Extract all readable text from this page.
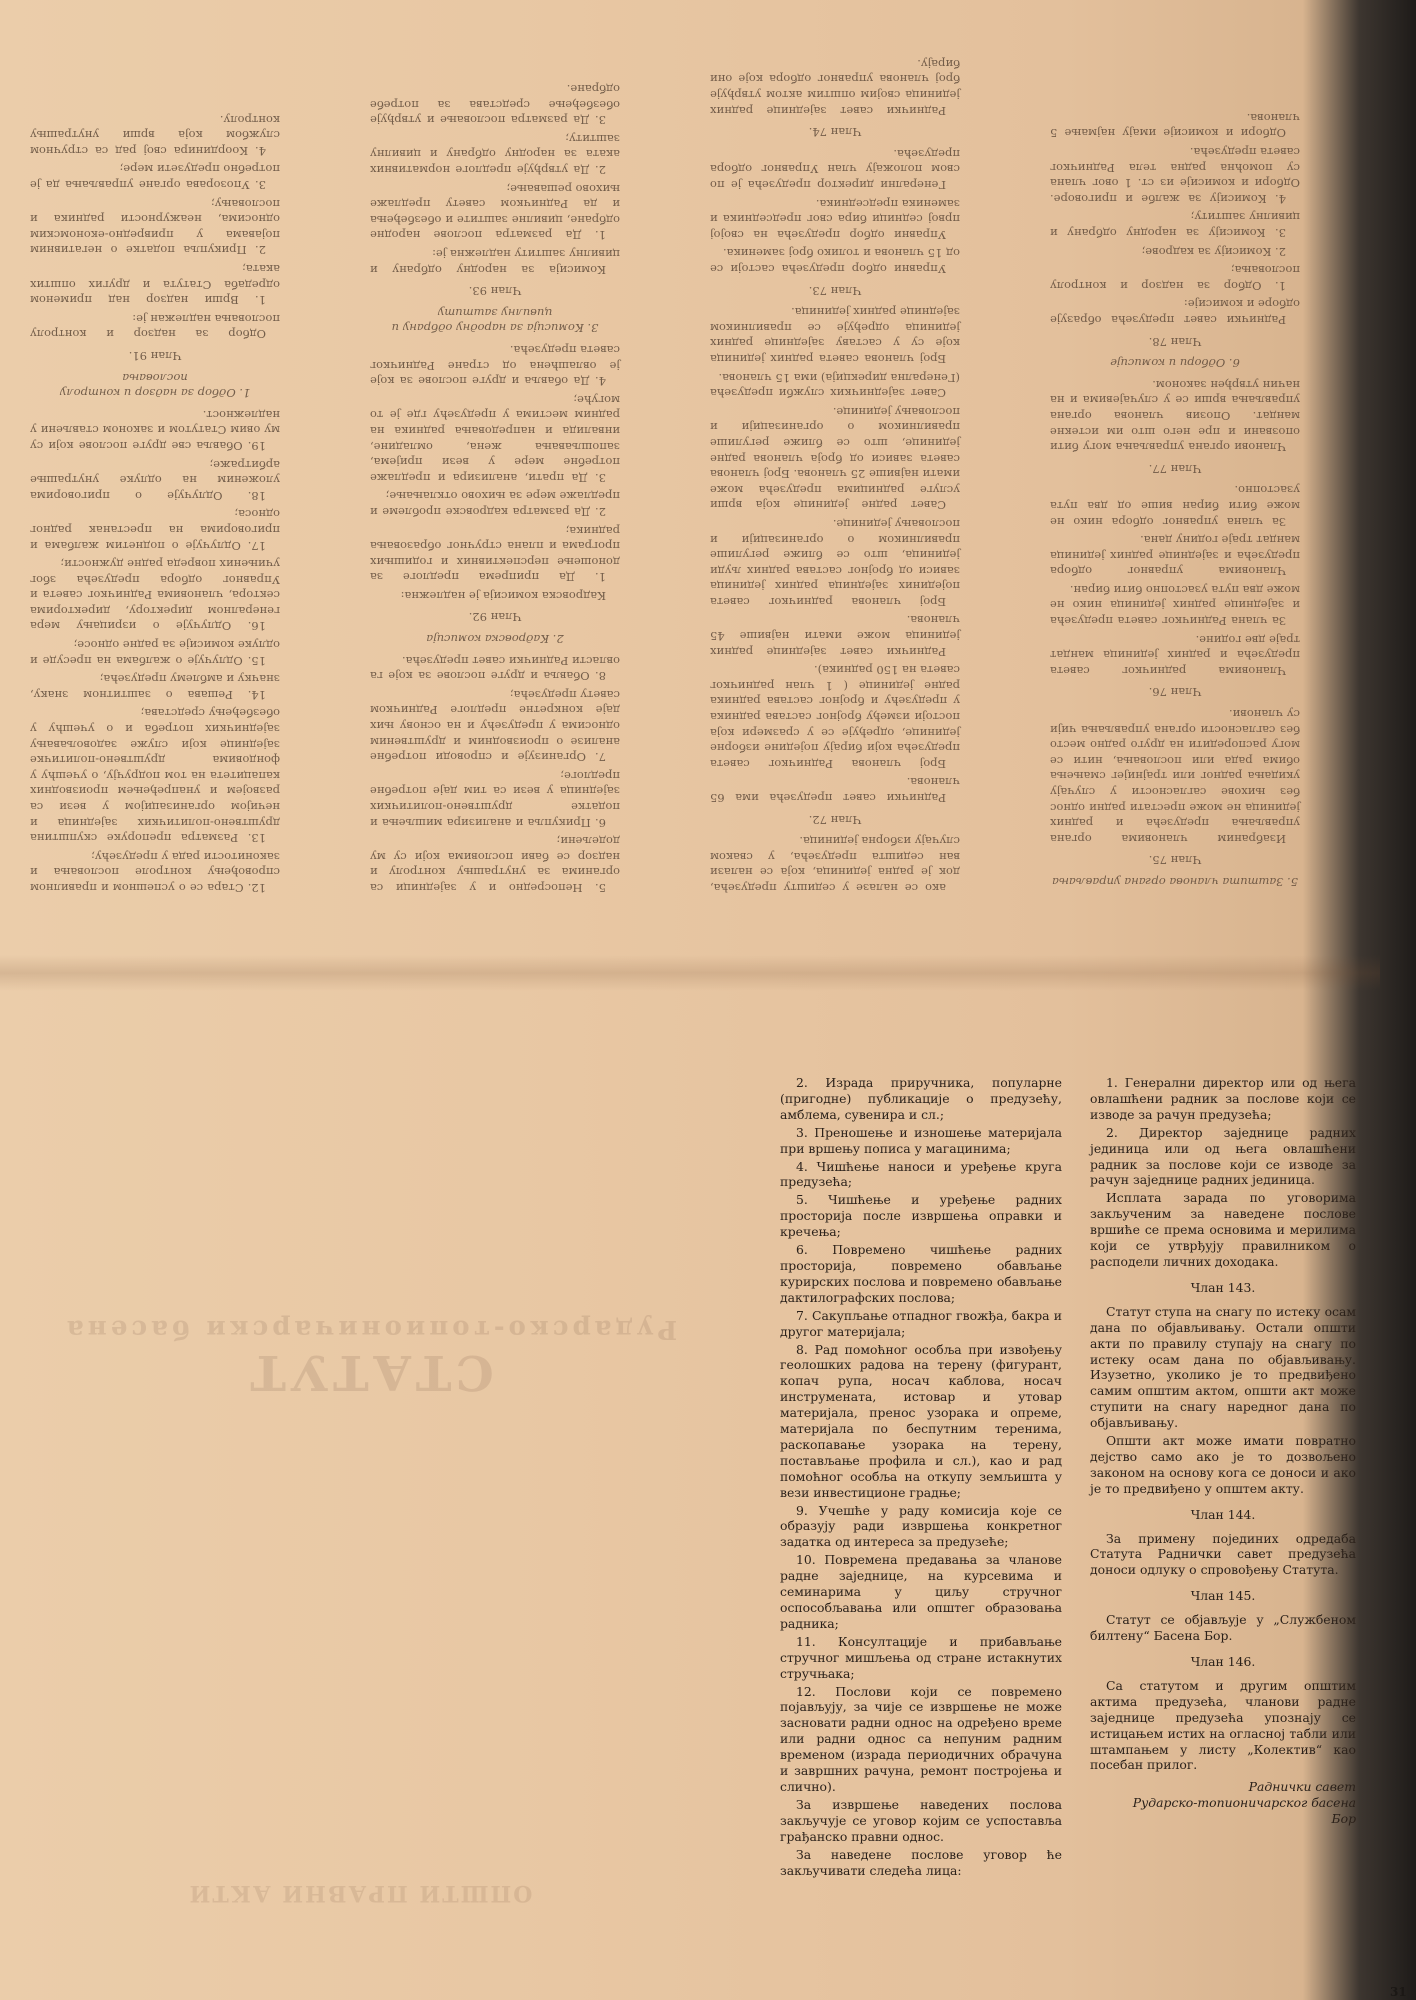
12. Стара се о успешном и правилном спровођењу контроле пословања и законитости рада у предузећу;

13. Разматра препоруке скупштина друштвено-политичких заједница и нечијом организацијом у вези са развојем и унапређењем производних капацитета на том подручју, о учешћу у фондовима друштвено-политичке заједнице који служе задовољавању заједничких потреба и о учешћу у обезбеђењу средстава;

14. Решава о заштитном знаку, значку и амблему предузећа;

15. Одлучује о жалбама на пресуде и одлуке комисије за радне односе;

16. Одлучује о изрицању мера генералном директору, директорима сектора, члановима Радничког савета и Управног одбора предузећа због учињених повреда радне дужности;

17. Одлучује о поднетим жалбама и приговорима на престанак радног односа;

18. Одлучује о приговорима уложеним на одлуке унутрашње арбитраже;

19. Обавља све друге послове који су му овим Статутом и законом стављени у надлежност.

1. Одбор за надзор и контролу пословања

Члан 91.

Одбор за надзор и контролу пословања надлежан је:

1. Врши надзор над применом одредаба Статута и других општих аката;

2. Прикупља податке о негативним појавама у привредно-економским односима, неажурности радника и пословању;

3. Упозорава органе управљања да је потребно предузети мере;

4. Координира свој рад са стручном службом која врши унутрашњу контролу.

5. Непосредно и у заједници са органима за унутрашњу контролу и надзор се бави пословима који су му додељени;

6. Прикупља и анализира мишљења и податке друштвено-политичких заједница у вези са тим даје потребне предлоге;

7. Организује и спроводи потребне анализе о производним и друштвеним односима у предузећу и на основу њих даје конкретне предлоге Радничком савету предузећа;

8. Обавља и друге послове за које га овласти Раднички савет предузећа.

2. Кадровска комисија

Члан 92.

Кадровска комисија је надлежна:

1. Да припрема предлоге за доношење перспективних и годишњих програма и плана стручног образовања радника;

2. Да разматра кадровске проблеме и предлаже мере за њихово отклањање;

3. Да прати, анализира и предлаже потребне мере у вези пријема, запошљавања жена, омладине, инвалида и напредовања радника на радним местима у предузећу где је то могуће;

4. Да обавља и друге послове за које је овлашћена од стране Радничког савета предузећа.

3. Комисија за народну одбрану и цивилну заштиту

Члан 93.

Комисија за народну одбрану и цивилну заштиту надлежна је:

1. Да разматра послове народне одбране, цивилне заштите и обезбеђења и да Радничком савету предлаже њихово решавање;

2. Да утврђује предлоге нормативних аката за народну одбрану и цивилну заштиту;

3. Да разматра пословање и утврђује обезбеђење средстава за потребе одбране.

ако се налазе у седишту предузећа, док је радна јединица, која се налази ван седишта предузећа, у сваком случају изборна јединица.

Члан 72.

Раднички савет предузећа има 65 чланова.

Број чланова Радничког савета предузећа који бирају поједине изборне јединице, одређује се у сразмери која постоји између бројног састава радника у предузећу и бројног састава радника радне јединице ( 1 члан радничког савета на 150 радника).

Раднички савет заједнице радних јединица може имати највише 45 чланова.

Број чланова радничког савета појединих заједница радних јединица зависи од бројног састава радних људи јединица, што се ближе регулише правилником о организацији и пословању јединице.

Савет радне јединице која врши услуге радницима предузећа може имати највише 25 чланова. Број чланова савета зависи од броја чланова радне јединице, што се ближе регулише правилником о организацији и пословању јединице.

Савет заједничких служби предузећа (Генерална дирекција) има 15 чланова.

Број чланова савета радних јединица које су у саставу заједнице радних јединица одређује се правилником заједнице радних јединица.

Члан 73.

Управни одбор предузећа састоји се од 15 чланова и толико број заменика.

Управни одбор предузећа на својој првој седници бира свог председника и заменика председника.

Генерални директор предузећа је по свом положају члан Управног одбора предузећа.

Члан 74.

Раднички савет заједнице радних јединица својим општим актом утврђује број чланова управног одбора које они бирају.

5. Заштита чланова органа управљања

Члан 75.

Изабраним члановима органа управљања предузећа и радних јединица не може престати радни однос без њихове сагласности у случају укидања радног или трајнијег смањења обима рада или пословања, нити се могу распоредити на друго радно место без сагласности органа управљања чији су чланови.

Члан 76.

Члановима радничког савета предузећа и радних јединица мандат траје две године.

За члана Радничког савета предузећа и заједнице радних јединица нико не може два пута узастопно бити биран.

Члановима управног одбора предузећа и заједнице радних јединица мандат траје годину дана.

За члана управног одбора нико не може бити биран више од два пута узастопно.

Члан 77.

Чланови органа управљања могу бити опозвани и пре него што им истекне мандат. Опозив чланова органа управљања врши се у случајевима и на начин утврђен законом.

6. Одбори и комисије

Члан 78.

Раднички савет предузећа образује одборе и комисије:

1. Одбор за надзор и контролу пословања;

2. Комисију за кадрове;

3. Комисију за народну одбрану и цивилну заштиту;

4. Комисију за жалбе и приговоре. Одбори и комисије из ст. 1 овог члана су помоћна радна тела Радничког савета предузећа.

Одбори и комисије имају најмање 5 чланова.

СТАТУТ
Рударско-топионичарски басена
ОПШТИ ПРАВНИ АКТИ

2. Израда приручника, популарне (пригодне) публикације о предузећу, амблема, сувенира и сл.;

3. Преношење и изношење материјала при вршењу пописа у магацинима;

4. Чишћење наноси и уређење круга предузећа;

5. Чишћење и уређење радних просторија после извршења оправки и кречења;

6. Повремено чишћење радних просторија, повремено обављање курирских послова и повремено обављање дактилографских послова;

7. Сакупљање отпадног гвожђа, бакра и другог материјала;

8. Рад помоћног особља при извођењу геолошких радова на терену (фигурант, копач рупа, носач каблова, носач инструмената, истовар и утовар материјала, пренос узорака и опреме, материјала по беспутним теренима, раскопавање узорака на терену, постављање профила и сл.), као и рад помоћног особља на откупу земљишта у вези инвестиционе градње;

9. Учешће у раду комисија које се образују ради извршења конкретног задатка од интереса за предузеће;

10. Повремена предавања за чланове радне заједнице, на курсевима и семинарима у циљу стручног оспособљавања или општег образовања радника;

11. Консултације и прибављање стручног мишљења од стране истакнутих стручњака;

12. Послови који се повремено појављују, за чије се извршење не може засновати радни однос на одређено време или радни однос са непуним радним временом (израда периодичних обрачуна и завршних рачуна, ремонт постројења и слично).

За извршење наведених послова закључује се уговор којим се успоставља грађанско правни однос.

За наведене послове уговор ће закључивати следећа лица:

1. Генерални директор или од њега овлашћени радник за послове који се изводе за рачун предузећа;

2. Директор заједнице радних јединица или од њега овлашћени радник за послове који се изводе за рачун заједнице радних јединица.

Исплата зарада по уговорима закљученим за наведене послове вршиће се према основима и мерилима који се утврђују правилником о расподели личних доходака.

Члан 143.

Статут ступа на снагу по истеку осам дана по објављивању. Остали општи акти по правилу ступају на снагу по истеку осам дана по објављивању. Изузетно, уколико је то предвиђено самим општим актом, општи акт може ступити на снагу наредног дана по објављивању.

Општи акт може имати повратно дејство само ако је то дозвољено законом на основу кога се доноси и ако је то предвиђено у општем акту.

Члан 144.

За примену појединих одредаба Статута Раднички савет предузећа доноси одлуку о спровођењу Статута.

Члан 145.

Статут се објављује у „Службеном билтену“ Басена Бор.

Члан 146.

Са статутом и другим општим актима предузећа, чланови радне заједнице предузећа упознају се истицањем истих на огласној табли или штампањем у листу „Колектив“ као посебан прилог.

Раднички савет
Рударско-топионичарског басена
Бор
31
